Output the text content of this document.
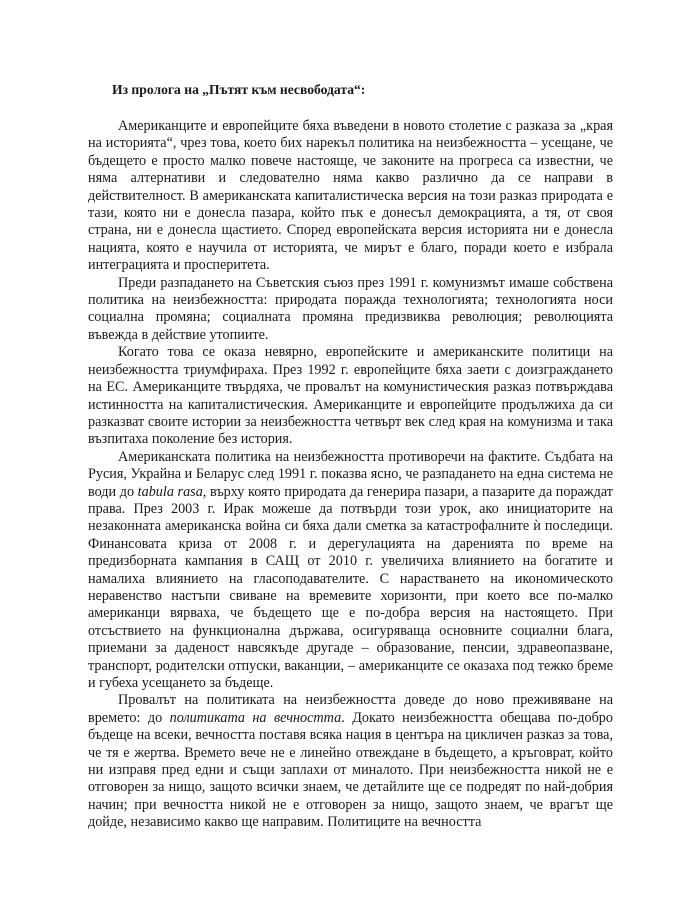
Из пролога на „Пътят към несвободата“:

Американците и европейците бяха въведени в новото столетие с разказа за „края на историята“, чрез това, което бих нарекъл политика на неизбежността – усещане, че бъдещето е просто малко повече настояще, че законите на прогреса са известни, че няма алтернативи и следователно няма какво различно да се направи в действителност. В американската капиталистическа версия на този разказ природата е тази, която ни е донесла пазара, който пък е донесъл демокрацията, а тя, от своя страна, ни е донесла щастието. Според европейската версия историята ни е донесла нацията, която е научила от историята, че мирът е благо, поради което е избрала интеграцията и просперитета.

Преди разпадането на Съветския съюз през 1991 г. комунизмът имаше собствена политика на неизбежността: природата поражда технологията; технологията носи социална промяна; социалната промяна предизвиква революция; революцията въвежда в действие утопиите.

Когато това се оказа невярно, европейските и американските политици на неизбежността триумфираха. През 1992 г. европейците бяха заети с доизграждането на ЕС. Американците твърдяха, че провалът на комунистическия разказ потвърждава истинността на капиталистическия. Американците и европейците продължиха да си разказват своите истории за неизбежността четвърт век след края на комунизма и така възпитаха поколение без история.

Американската политика на неизбежността противоречи на фактите. Съдбата на Русия, Украйна и Беларус след 1991 г. показва ясно, че разпадането на една система не води до tabula rasa, върху която природата да генерира пазари, а пазарите да пораждат права. През 2003 г. Ирак можеше да потвърди този урок, ако инициаторите на незаконната американска война си бяха дали сметка за катастрофалните ѝ последици. Финансовата криза от 2008 г. и дерегулацията на даренията по време на предизборната кампания в САЩ от 2010 г. увеличиха влиянието на богатите и намалиха влиянието на гласоподавателите. С нарастването на икономическото неравенство настъпи свиване на времевите хоризонти, при което все по-малко американци вярваха, че бъдещето ще е по-добра версия на настоящето. При отсъствието на функционална държава, осигуряваща основните социални блага, приемани за даденост навсякъде другаде – образование, пенсии, здравеопазване, транспорт, родителски отпуски, ваканции, – американците се оказаха под тежко бреме и губеха усещането за бъдеще.

Провалът на политиката на неизбежността доведе до ново преживяване на времето: до политиката на вечността. Докато неизбежността обещава по-добро бъдеще на всеки, вечността поставя всяка нация в центъра на цикличен разказ за това, че тя е жертва. Времето вече не е линейно отвеждане в бъдещето, а кръговрат, който ни изправя пред едни и същи заплахи от миналото. При неизбежността никой не е отговорен за нищо, защото всички знаем, че детайлите ще се подредят по най-добрия начин; при вечността никой не е отговорен за нищо, защото знаем, че врагът ще дойде, независимо какво ще направим. Политиците на вечността
